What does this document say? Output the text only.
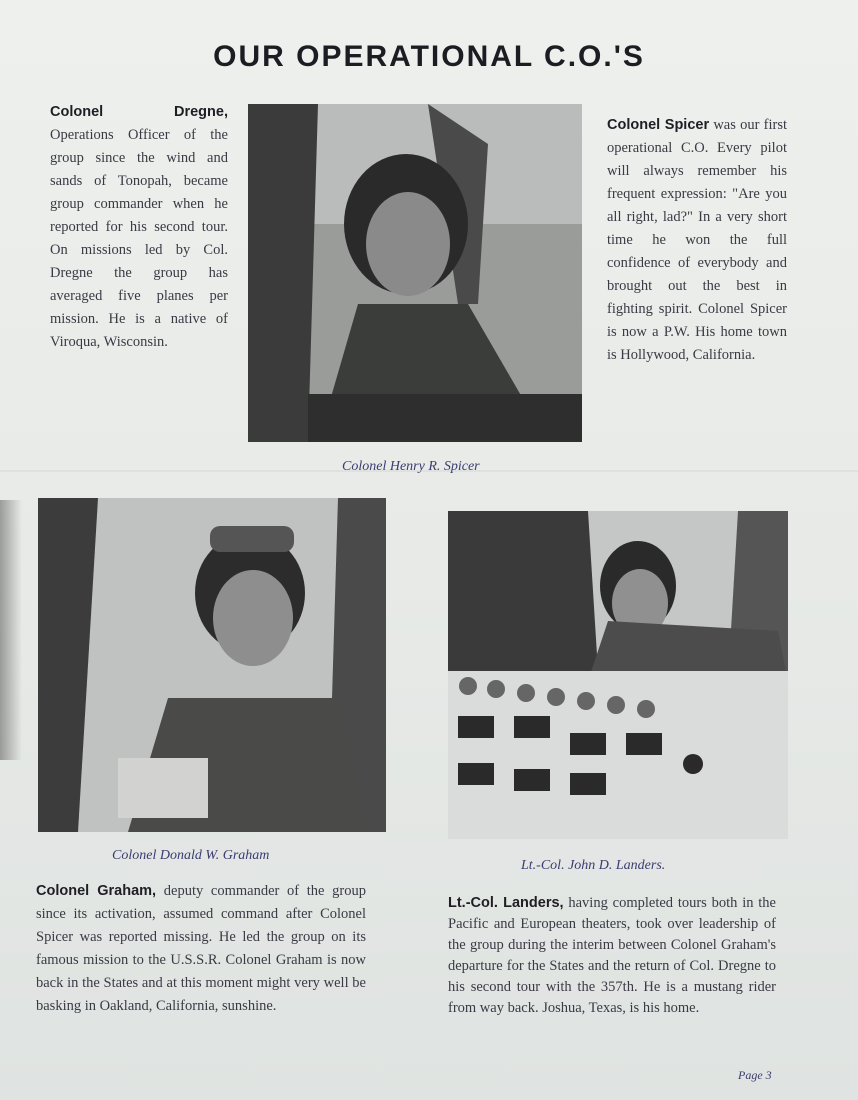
OUR OPERATIONAL C.O.'S
Colonel Dregne, Operations Officer of the group since the wind and sands of Tonopah, became group commander when he reported for his second tour. On missions led by Col. Dregne the group has averaged five planes per mission. He is a native of Viroqua, Wisconsin.
Colonel Spicer was our first operational C.O. Every pilot will always remember his frequent expression: "Are you all right, lad?" In a very short time he won the full confidence of everybody and brought out the best in fighting spirit. Colonel Spicer is now a P.W. His home town is Hollywood, California.
Colonel Henry R. Spicer
Colonel Donald W. Graham
Lt.-Col. John D. Landers.
Colonel Graham, deputy commander of the group since its activation, assumed command after Colonel Spicer was reported missing. He led the group on its famous mission to the U.S.S.R. Colonel Graham is now back in the States and at this moment might very well be basking in Oakland, California, sunshine.
Lt.-Col. Landers, having completed tours both in the Pacific and European theaters, took over leadership of the group during the interim between Colonel Graham's departure for the States and the return of Col. Dregne to his second tour with the 357th. He is a mustang rider from way back. Joshua, Texas, is his home.
Page 3
